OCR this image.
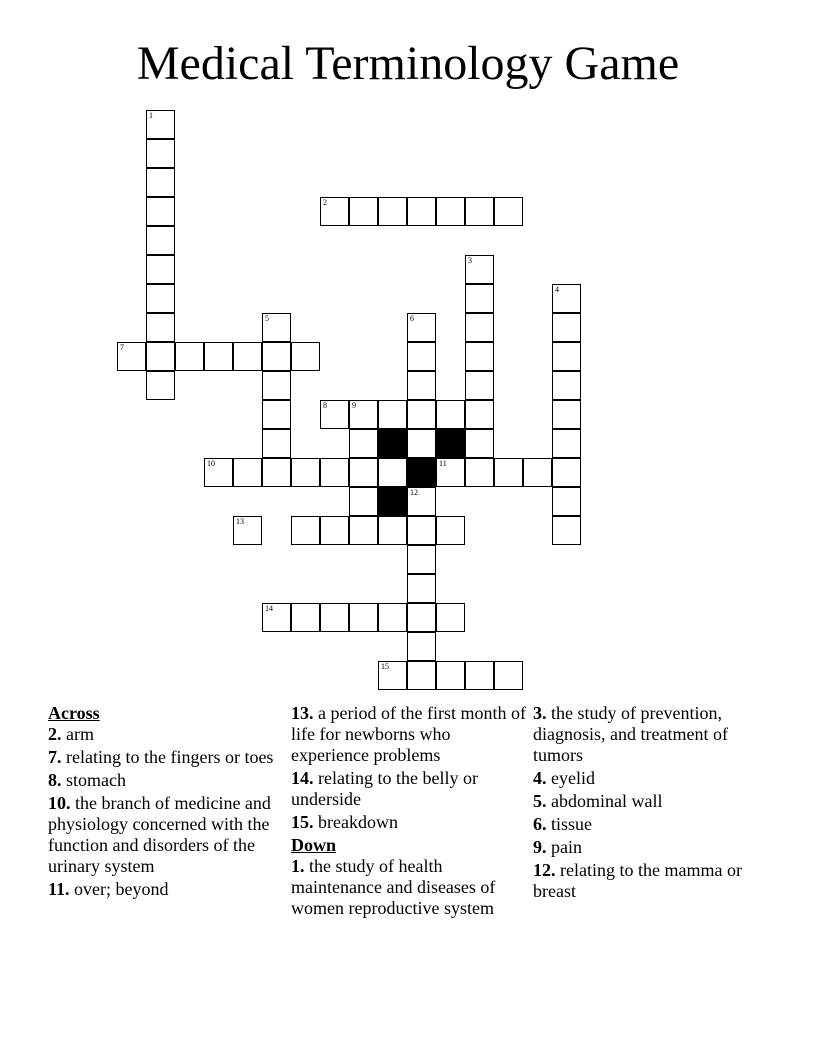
Medical Terminology Game
1
2
3
4
5	6
7
8	9
10	11
12
13
14
15
Across
2. arm
7. relating to the fingers or toes
8. stomach
10. the branch of medicine and physiology concerned with the function and disorders of the urinary system
11. over; beyond
13. a period of the first month of life for newborns who experience problems
14. relating to the belly or underside
15. breakdown
Down
1. the study of health maintenance and diseases of women reproductive system
3. the study of prevention, diagnosis, and treatment of tumors
4. eyelid
5. abdominal wall
6. tissue
9. pain
12. relating to the mamma or breast
